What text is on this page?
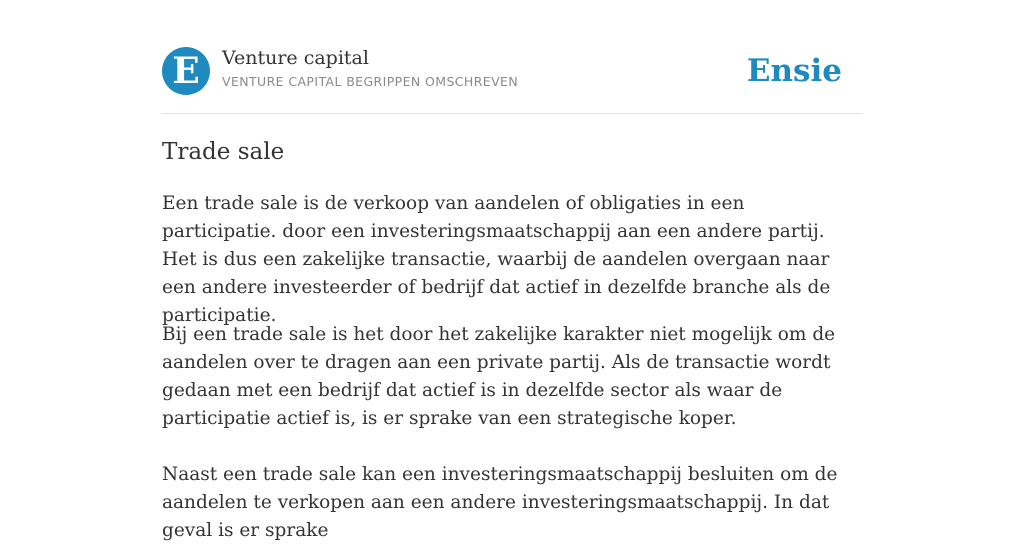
E	Venture capital
VENTURE CAPITAL BEGRIPPEN OMSCHREVEN	Ensie
Trade sale

Een trade sale is de verkoop van aandelen of obligaties in een participatie. door een investeringsmaatschappij aan een andere partij. Het is dus een zakelijke transactie, waarbij de aandelen overgaan naar een andere investeerder of bedrijf dat actief in dezelfde branche als de participatie.

Bij een trade sale is het door het zakelijke karakter niet mogelijk om de aandelen over te dragen aan een private partij. Als de transactie wordt gedaan met een bedrijf dat actief is in dezelfde sector als waar de participatie actief is, is er sprake van een strategische koper.

Naast een trade sale kan een investeringsmaatschappij besluiten om de aandelen te verkopen aan een andere investeringsmaatschappij. In dat geval is er sprake
